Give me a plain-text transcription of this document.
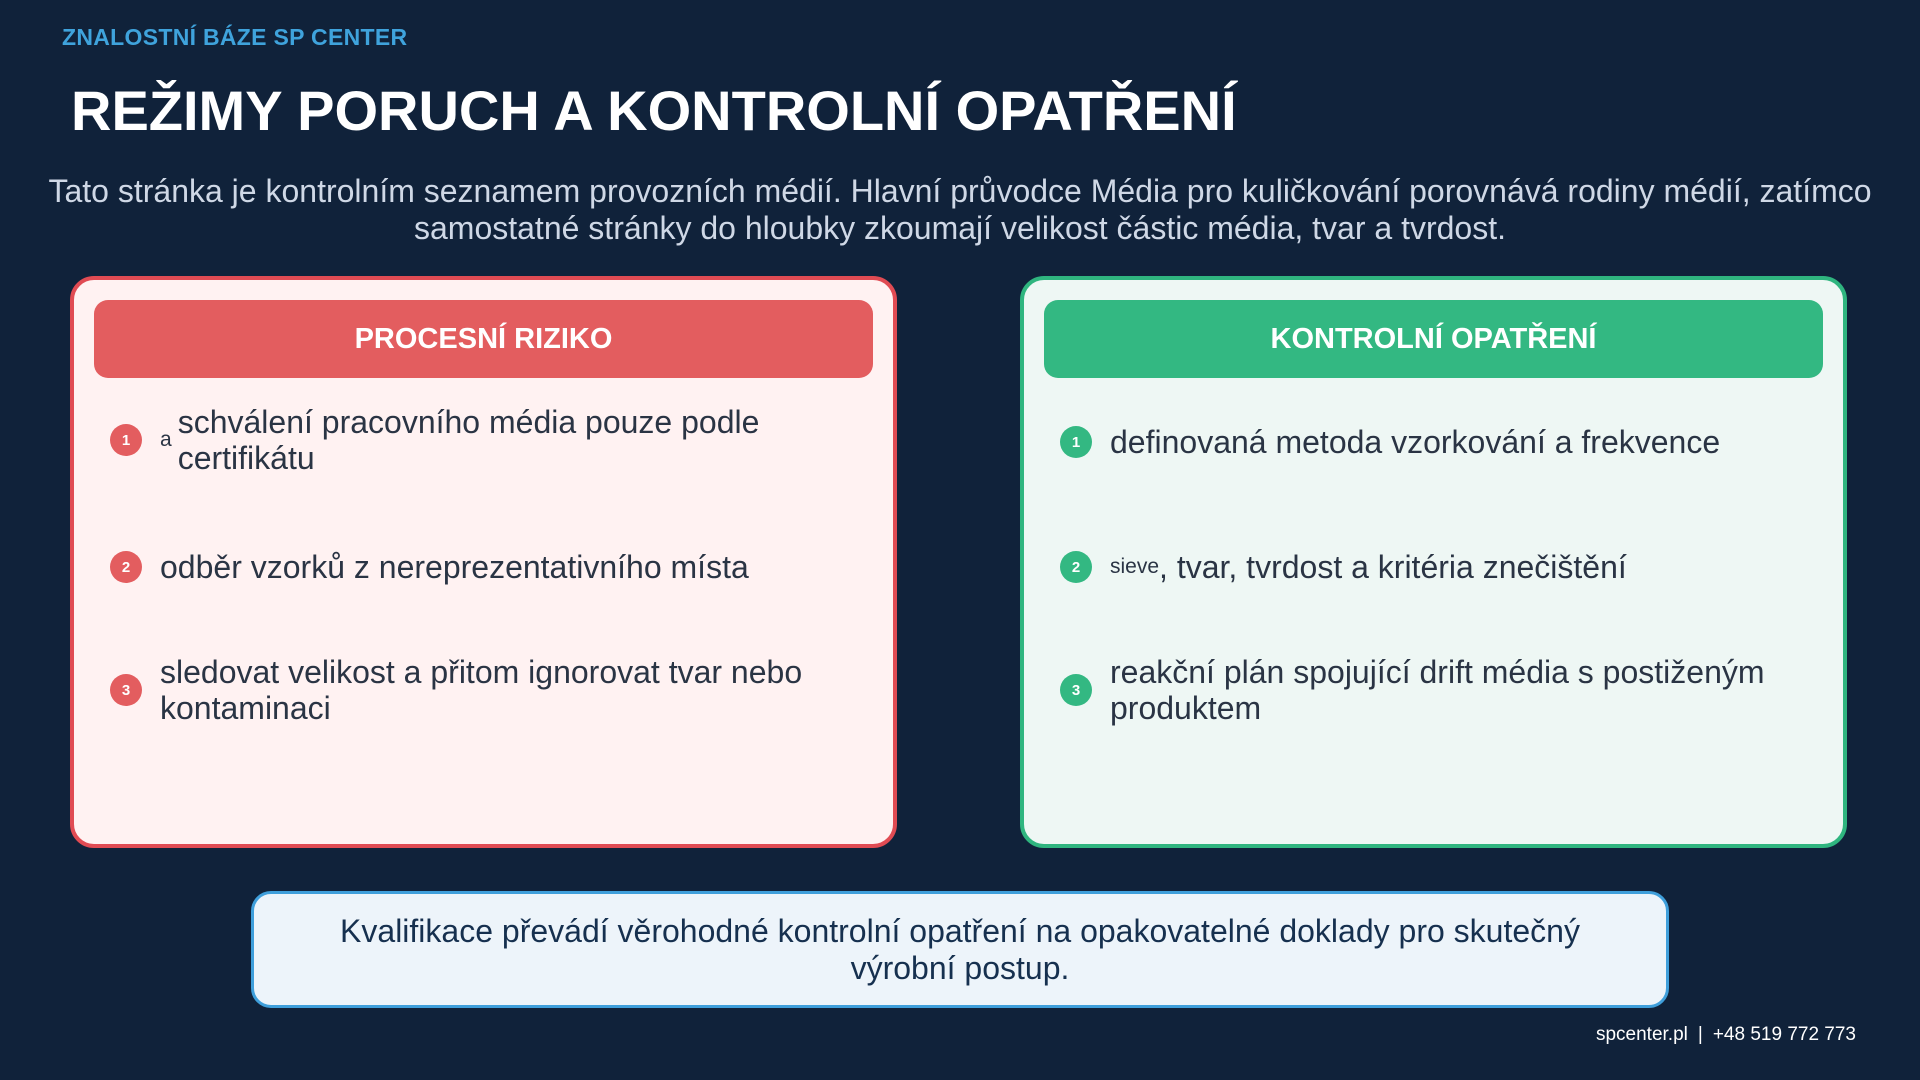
ZNALOSTNÍ BÁZE SP CENTER
REŽIMY PORUCH A KONTROLNÍ OPATŘENÍ
Tato stránka je kontrolním seznamem provozních médií. Hlavní průvodce Média pro kuličkování porovnává rodiny médií, zatímco samostatné stránky do hloubky zkoumají velikost částic média, tvar a tvrdost.
PROCESNÍ RIZIKO
1	a schválení pracovního média pouze podle certifikátu
2 odběr vzorků z nereprezentativního místa
3 sledovat velikost a přitom ignorovat tvar nebo kontaminaci
KONTROLNÍ OPATŘENÍ
1 definovaná metoda vzorkování a frekvence
2	sieve , tvar, tvrdost a kritéria znečištění
3 reakční plán spojující drift média s postiženým produktem
Kvalifikace převádí věrohodné kontrolní opatření na opakovatelné doklady pro skutečný výrobní postup.
spcenter.pl | +48 519 772 773
